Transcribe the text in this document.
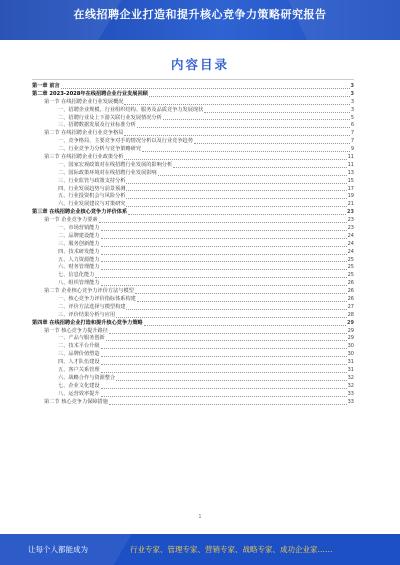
在线招聘企业打造和提升核心竞争力策略研究报告
内容目录
第一章 前言	3
第二章 2023-2028年在线招聘企业行业发展回顾	3
第一节 在线招聘企业行业发展概况	3
一、招聘企业规模、行业组织结构、服务及品质竞争力发展现状	3
二、招聘行业及上下游关联行业发展情况分析	5
三、招聘数据发展及行业标准分析	6
第二节 在线招聘企业行业竞争格局	7
一、竞争格局、主要竞争对手的情况分析以及行业竞争趋势	7
二、行业竞争力分析与竞争策略研究	9
第三节 在线招聘企业行业政策分析	11
一、国家宏观政策对在线招聘行业发展的影响分析	11
二、国际政策环境对在线招聘行业发展影响	13
三、行业监管与政策支持分析	15
四、行业发展趋势与前景预测	17
五、行业投资机会与风险分析	19
六、行业发展建议与对策研究	21
第三章 在线招聘企业核心竞争力评价体系	23
第一节 企业竞争力要素	23
一、市场营销能力	23
二、品牌建设能力	24
三、服务创新能力	24
四、技术研发能力	24
五、人力资源能力	25
六、财务管理能力	25
七、信息化能力	25
八、组织管理能力	26
第二节 企业核心竞争力评价方法与模型	26
一、核心竞争力评价指标体系构建	26
二、评价方法选择与模型构建	27
三、评价结果分析与应用	28
第四章 在线招聘企业打造和提升核心竞争力策略	29
第一节 核心竞争力提升路径	29
一、产品与服务创新	29
二、技术平台升级	30
三、品牌价值塑造	30
四、人才队伍建设	31
五、客户关系管理	31
六、战略合作与资源整合	32
七、企业文化建设	32
八、运营效率提升	33
第二节 核心竞争力保障措施	33
1
让每个人都能成为	行业专家、管理专家、营销专家、战略专家、成功企业家……
